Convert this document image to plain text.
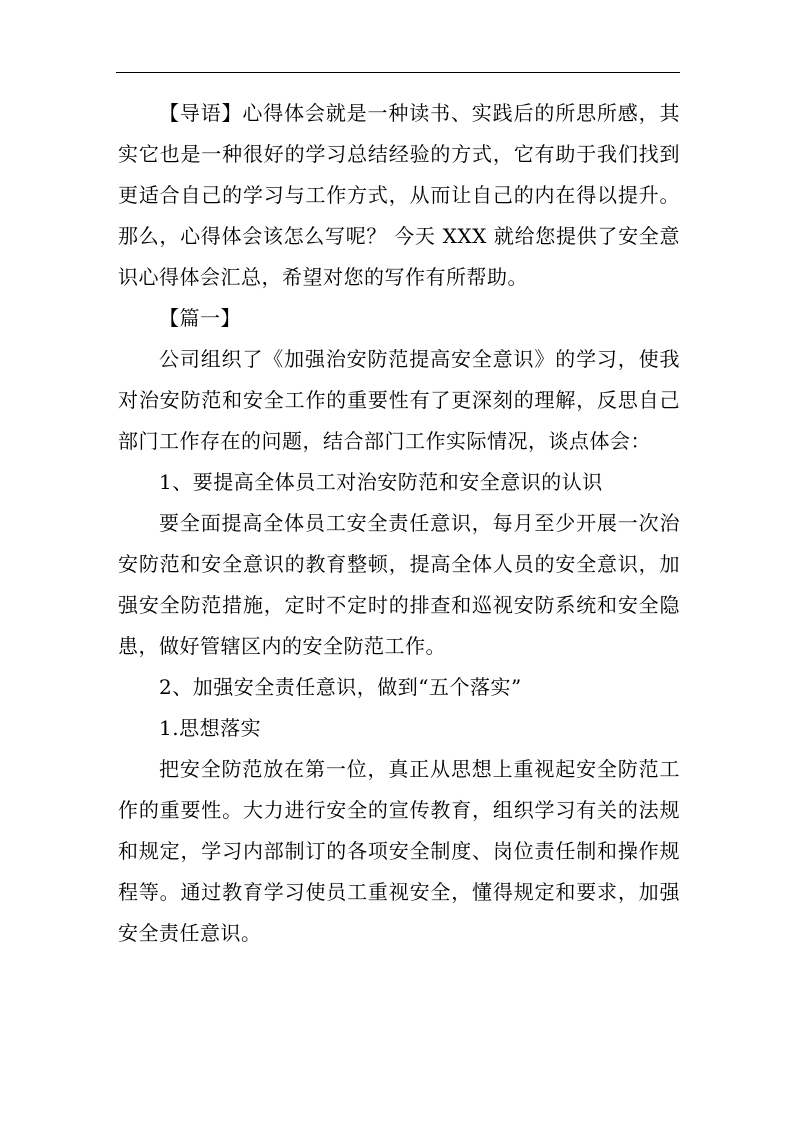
【导语】心得体会就是一种读书、实践后的所思所感，其实它也是一种很好的学习总结经验的方式，它有助于我们找到更适合自己的学习与工作方式，从而让自己的内在得以提升。那么，心得体会该怎么写呢？ 今天 XXX 就给您提供了安全意识心得体会汇总，希望对您的写作有所帮助。

【篇一】

公司组织了《加强治安防范提高安全意识》的学习，使我对治安防范和安全工作的重要性有了更深刻的理解，反思自己部门工作存在的问题，结合部门工作实际情况，谈点体会：

1、要提高全体员工对治安防范和安全意识的认识

要全面提高全体员工安全责任意识，每月至少开展一次治安防范和安全意识的教育整顿，提高全体人员的安全意识，加强安全防范措施，定时不定时的排查和巡视安防系统和安全隐患，做好管辖区内的安全防范工作。

2、加强安全责任意识，做到“五个落实”

1.思想落实

把安全防范放在第一位，真正从思想上重视起安全防范工作的重要性。大力进行安全的宣传教育，组织学习有关的法规和规定，学习内部制订的各项安全制度、岗位责任制和操作规程等。通过教育学习使员工重视安全，懂得规定和要求，加强安全责任意识。
